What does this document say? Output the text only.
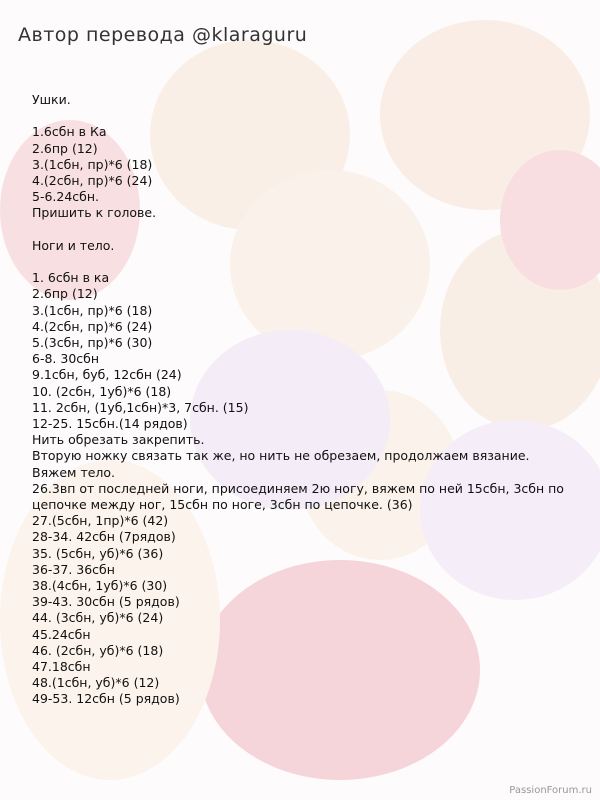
Автор перевода @klaraguru
Ушки.
1.6сбн в Ка
2.6пр (12)
3.(1сбн, пр)*6 (18)
4.(2сбн, пр)*6 (24)
5-6.24сбн.
Пришить к голове.
Ноги и тело.
1. 6сбн в ка
2.6пр (12)
3.(1сбн, пр)*6 (18)
4.(2сбн, пр)*6 (24)
5.(3сбн, пр)*6 (30)
6-8. 30сбн
9.1сбн, буб, 12сбн (24)
10. (2сбн, 1уб)*6 (18)
11. 2сбн, (1уб,1сбн)*3, 7сбн. (15)
12-25. 15сбн.(14 рядов)
Нить обрезать закрепить.
Вторую ножку связать так же, но нить не обрезаем, продолжаем вязание.
Вяжем тело.
26.3вп от последней ноги, присоединяем 2ю ногу, вяжем по ней 15сбн, 3сбн по цепочке между ног, 15сбн по ноге, 3сбн по цепочке. (36)
27.(5сбн, 1пр)*6 (42)
28-34. 42сбн (7рядов)
35. (5сбн, уб)*6 (36)
36-37. 36сбн
38.(4сбн, 1уб)*6 (30)
39-43. 30сбн (5 рядов)
44. (3сбн, уб)*6 (24)
45.24сбн
46. (2сбн, уб)*6 (18)
47.18сбн
48.(1сбн, уб)*6 (12)
49-53. 12сбн (5 рядов)
PassionForum.ru
